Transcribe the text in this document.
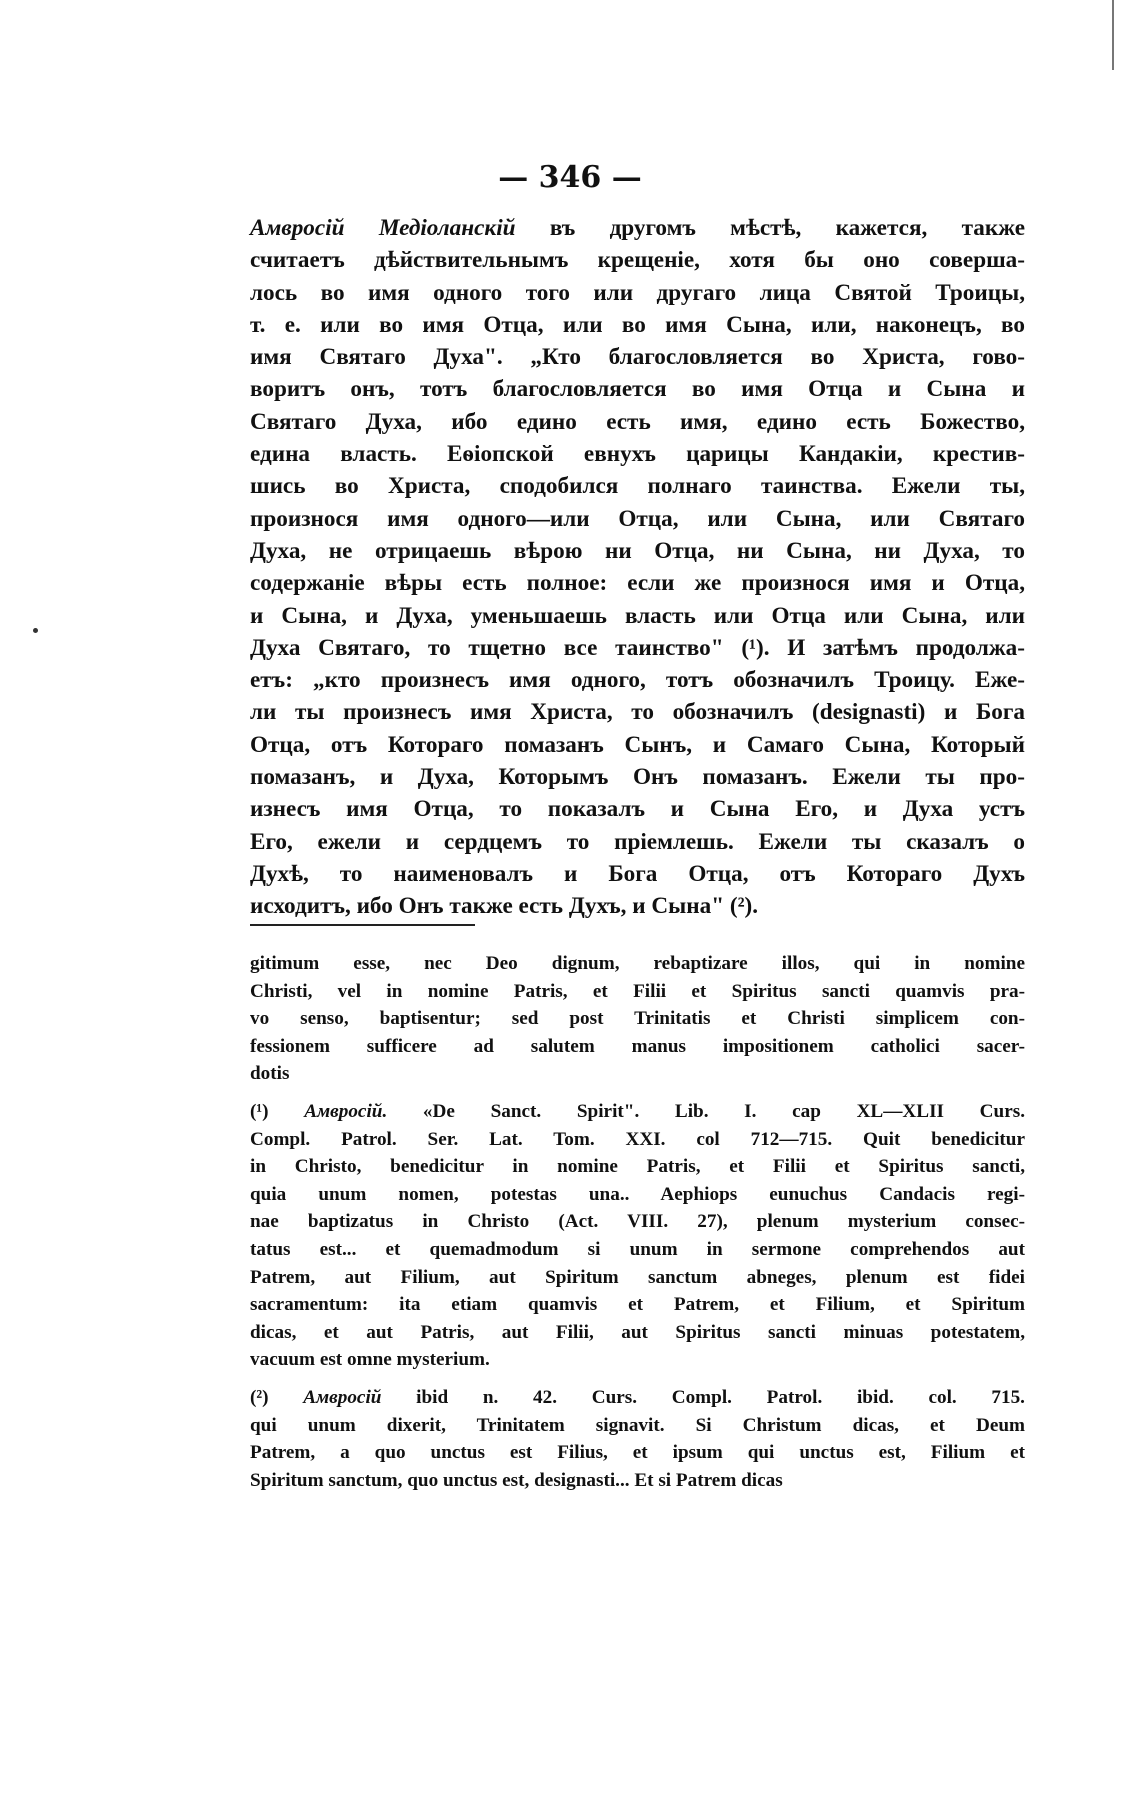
— 346 —
Амвросій Медіоланскій въ другомъ мѣстѣ, кажется, также
считаетъ дѣйствительнымъ крещеніе, хотя бы оно соверша-
лось во имя одного того или другаго лица Святой Троицы,
т. е. или во имя Отца, или во имя Сына, или, наконецъ, во
имя Святаго Духа". „Кто благословляется во Христа, гово-
воритъ онъ, тотъ благословляется во имя Отца и Сына и
Святаго Духа, ибо едино есть имя, едино есть Божество,
едина власть. Еѳіопской евнухъ царицы Кандакіи, крестив-
шись во Христа, сподобился полнаго таинства. Ежели ты,
произнося имя одного—или Отца, или Сына, или Святаго
Духа, не отрицаешь вѣрою ни Отца, ни Сына, ни Духа, то
содержаніе вѣры есть полное: если же произнося имя и Отца,
и Сына, и Духа, уменьшаешь власть или Отца или Сына, или
Духа Святаго, то тщетно все таинство" (¹). И затѣмъ продолжа-
етъ: „кто произнесъ имя одного, тотъ обозначилъ Троицу. Еже-
ли ты произнесъ имя Христа, то обозначилъ (designasti) и Бога
Отца, отъ Котораго помазанъ Сынъ, и Самаго Сына, Который
помазанъ, и Духа, Которымъ Онъ помазанъ. Ежели ты про-
изнесъ имя Отца, то показалъ и Сына Его, и Духа устъ
Его, ежели и сердцемъ то пріемлешь. Ежели ты сказалъ о
Духѣ, то наименовалъ и Бога Отца, отъ Котораго Духъ
исходитъ, ибо Онъ также есть Духъ, и Сына" (²).
gitimum esse, nec Deo dignum, rebaptizare illos, qui in nomine
Christi, vel in nomine Patris, et Filii et Spiritus sancti quamvis pra-
vo senso, baptisentur; sed post Trinitatis et Christi simplicem con-
fessionem sufficere ad salutem manus impositionem catholici sacer-
dotis
(¹) Амвросій. «De Sanct. Spirit". Lib. I. cap XL—XLII Curs.
Compl. Patrol. Ser. Lat. Tom. XXI. col 712—715. Quit benedicitur
in Christo, benedicitur in nomine Patris, et Filii et Spiritus sancti,
quia unum nomen, potestas una.. Aephiops eunuchus Candacis regi-
nae baptizatus in Christo (Act. VIII. 27), plenum mysterium consec-
tatus est... et quemadmodum si unum in sermone comprehendos aut
Patrem, aut Filium, aut Spiritum sanctum abneges, plenum est fidei
sacramentum: ita etiam quamvis et Patrem, et Filium, et Spiritum
dicas, et aut Patris, aut Filii, aut Spiritus sancti minuas potestatem,
vacuum est omne mysterium.
(²) Амвросій ibid n. 42. Curs. Compl. Patrol. ibid. col. 715.
qui unum dixerit, Trinitatem signavit. Si Christum dicas, et Deum
Patrem, a quo unctus est Filius, et ipsum qui unctus est, Filium et
Spiritum sanctum, quo unctus est, designasti... Et si Patrem dicas
